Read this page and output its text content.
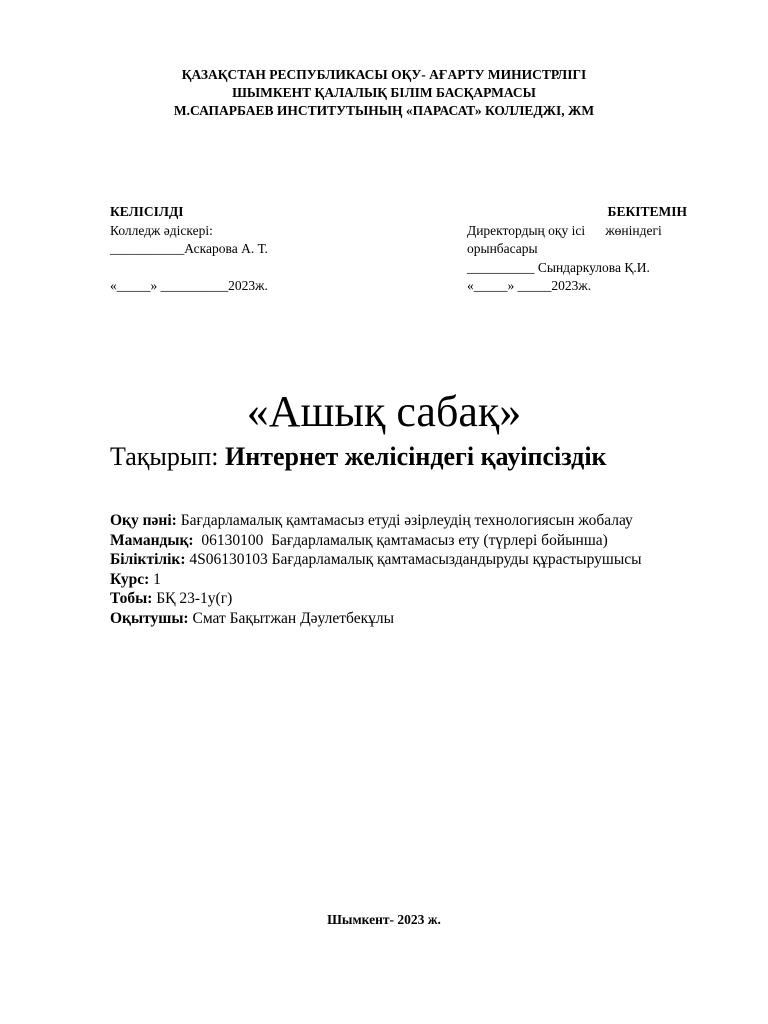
ҚАЗАҚСТАН РЕСПУБЛИКАСЫ ОҚУ- АҒАРТУ МИНИСТРЛІГІ
ШЫМКЕНТ ҚАЛАЛЫҚ БІЛІМ БАСҚАРМАСЫ
М.САПАРБАЕВ ИНСТИТУТЫНЫҢ «ПАРАСАТ» КОЛЛЕДЖІ, ЖМ
КЕЛІСІЛДІ
Колледж әдіскері:
___________Аскарова А. Т.
«_____» __________2023ж.
БЕКІТЕМІН
Директордың оқу ісі      жөніндегі
орынбасары
__________ Сындаркулова Қ.И.
«_____» _____2023ж.
«Ашық сабақ»
Тақырып: Интернет желісіндегі қауіпсіздік

Оқу пәні: Бағдарламалық қамтамасыз етуді әзірлеудің технологиясын жобалау

Мамандық:  06130100  Бағдарламалық қамтамасыз ету (түрлері бойынша)

Біліктілік: 4S06130103 Бағдарламалық қамтамасыздандыруды құрастырушысы

Курс: 1

Тобы: БҚ 23-1у(г)

Оқытушы: Смат Бақытжан Дәулетбекұлы

Шымкент- 2023 ж.
